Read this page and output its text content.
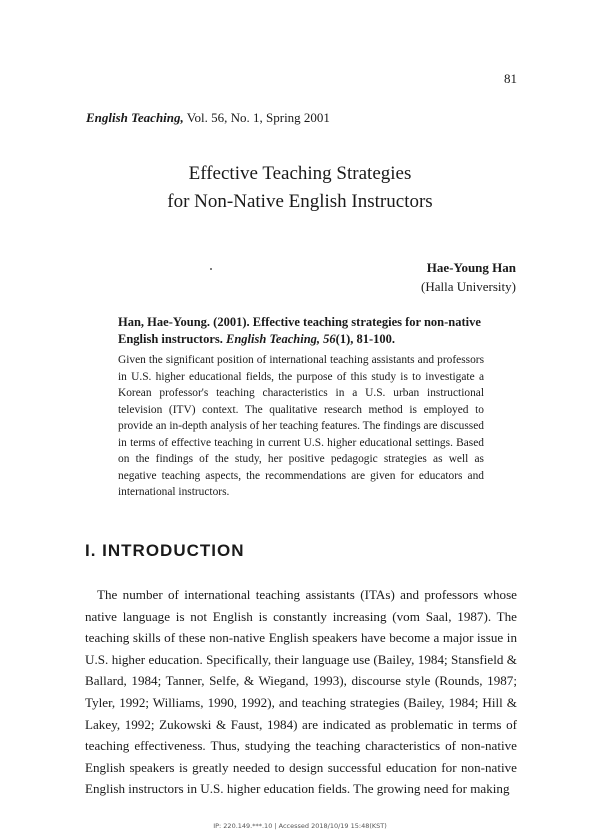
81
English Teaching, Vol. 56, No. 1, Spring 2001
Effective Teaching Strategies
for Non-Native English Instructors
Hae-Young Han
(Halla University)
Han, Hae-Young. (2001). Effective teaching strategies for non-native English instructors. English Teaching, 56(1), 81-100.
Given the significant position of international teaching assistants and professors in U.S. higher educational fields, the purpose of this study is to investigate a Korean professor's teaching characteristics in a U.S. urban instructional television (ITV) context. The qualitative research method is employed to provide an in-depth analysis of her teaching features. The findings are discussed in terms of effective teaching in current U.S. higher educational settings. Based on the findings of the study, her positive pedagogic strategies as well as negative teaching aspects, the recommendations are given for educators and international instructors.
I. INTRODUCTION
The number of international teaching assistants (ITAs) and professors whose native language is not English is constantly increasing (vom Saal, 1987). The teaching skills of these non-native English speakers have become a major issue in U.S. higher education. Specifically, their language use (Bailey, 1984; Stansfield & Ballard, 1984; Tanner, Selfe, & Wiegand, 1993), discourse style (Rounds, 1987; Tyler, 1992; Williams, 1990, 1992), and teaching strategies (Bailey, 1984; Hill & Lakey, 1992; Zukowski & Faust, 1984) are indicated as problematic in terms of teaching effectiveness. Thus, studying the teaching characteristics of non-native English speakers is greatly needed to design successful education for non-native English instructors in U.S. higher education fields. The growing need for making
IP: 220.149.***.10 | Accessed 2018/10/19 15:48(KST)
